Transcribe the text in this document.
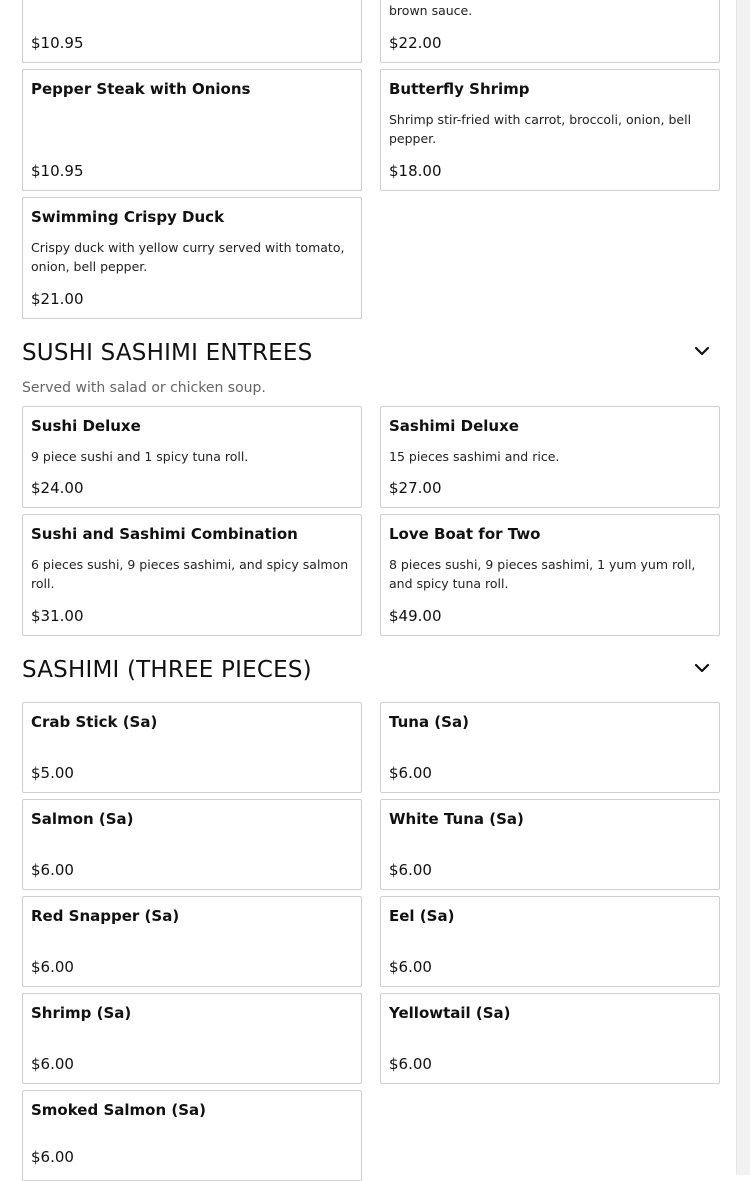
$10.95
brown sauce.
$22.00
Pepper Steak with Onions
$10.95
Butterfly Shrimp
Shrimp stir-fried with carrot, broccoli, onion, bell pepper.
$18.00
Swimming Crispy Duck
Crispy duck with yellow curry served with tomato, onion, bell pepper.
$21.00
SUSHI SASHIMI ENTREES
Served with salad or chicken soup.
Sushi Deluxe
9 piece sushi and 1 spicy tuna roll.
$24.00
Sashimi Deluxe
15 pieces sashimi and rice.
$27.00
Sushi and Sashimi Combination
6 pieces sushi, 9 pieces sashimi, and spicy salmon roll.
$31.00
Love Boat for Two
8 pieces sushi, 9 pieces sashimi, 1 yum yum roll, and spicy tuna roll.
$49.00
SASHIMI (THREE PIECES)
Crab Stick (Sa)
$5.00
Tuna (Sa)
$6.00
Salmon (Sa)
$6.00
White Tuna (Sa)
$6.00
Red Snapper (Sa)
$6.00
Eel (Sa)
$6.00
Shrimp (Sa)
$6.00
Yellowtail (Sa)
$6.00
Smoked Salmon (Sa)
$6.00
